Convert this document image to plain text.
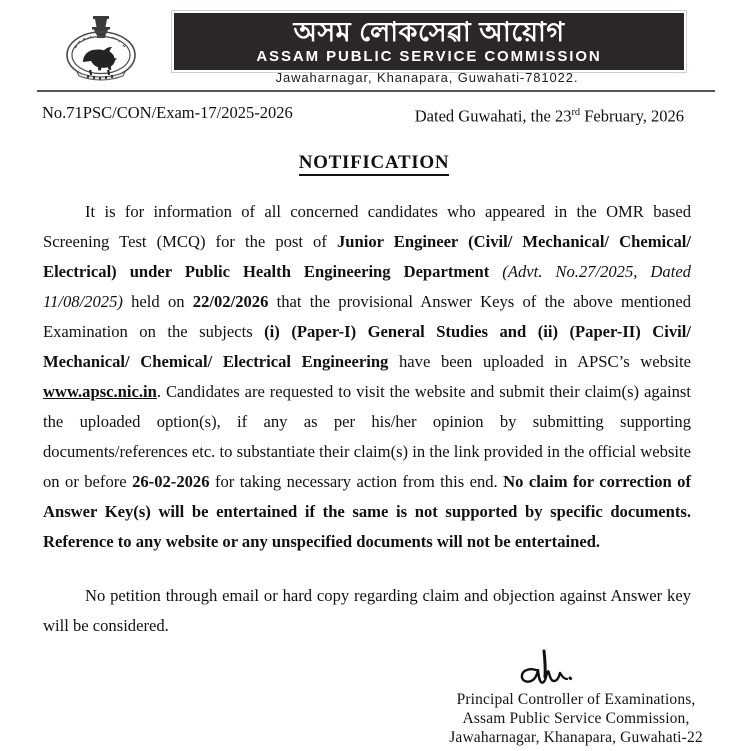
অসম লোকসেৱা আয়োগ
ASSAM PUBLIC SERVICE COMMISSION
Jawaharnagar, Khanapara, Guwahati-781022.
No.71PSC/CON/Exam-17/2025-2026	Dated Guwahati, the 23rd February, 2026
NOTIFICATION

It is for information of all concerned candidates who appeared in the OMR based Screening Test (MCQ) for the post of Junior Engineer (Civil/ Mechanical/ Chemical/ Electrical) under Public Health Engineering Department (Advt. No.27/2025, Dated 11/08/2025) held on 22/02/2026 that the provisional Answer Keys of the above mentioned Examination on the subjects (i) (Paper-I) General Studies and (ii) (Paper-II) Civil/ Mechanical/ Chemical/ Electrical Engineering have been uploaded in APSC’s website www.apsc.nic.in. Candidates are requested to visit the website and submit their claim(s) against the uploaded option(s), if any as per his/her opinion by submitting supporting documents/references etc. to substantiate their claim(s) in the link provided in the official website on or before 26-02-2026 for taking necessary action from this end. No claim for correction of Answer Key(s) will be entertained if the same is not supported by specific documents. Reference to any website or any unspecified documents will not be entertained.

No petition through email or hard copy regarding claim and objection against Answer key will be considered.

Principal Controller of Examinations,
Assam Public Service Commission,
Jawaharnagar, Khanapara, Guwahati-22
